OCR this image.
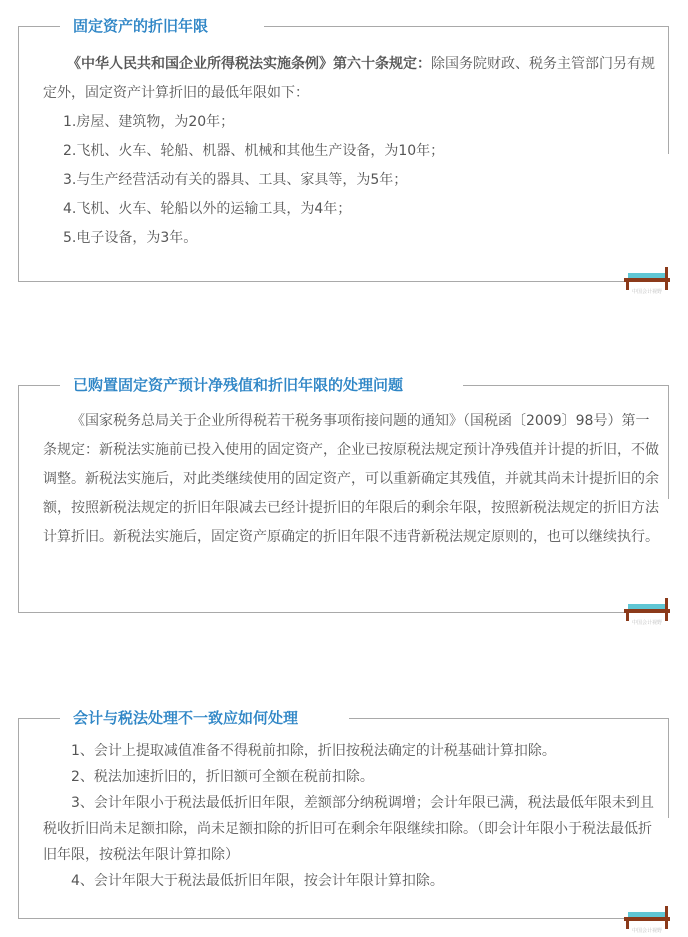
固定资产的折旧年限

《中华人民共和国企业所得税法实施条例》第六十条规定：除国务院财政、税务主管部门另有规定外，固定资产计算折旧的最低年限如下：

1.房屋、建筑物，为20年；

2.飞机、火车、轮船、机器、机械和其他生产设备，为10年；

3.与生产经营活动有关的器具、工具、家具等，为5年；

4.飞机、火车、轮船以外的运输工具，为4年；

5.电子设备，为3年。

中国会计视野
已购置固定资产预计净残值和折旧年限的处理问题

《国家税务总局关于企业所得税若干税务事项衔接问题的通知》（国税函〔2009〕98号）第一条规定：新税法实施前已投入使用的固定资产，企业已按原税法规定预计净残值并计提的折旧，不做调整。新税法实施后，对此类继续使用的固定资产，可以重新确定其残值，并就其尚未计提折旧的余额，按照新税法规定的折旧年限减去已经计提折旧的年限后的剩余年限，按照新税法规定的折旧方法计算折旧。新税法实施后，固定资产原确定的折旧年限不违背新税法规定原则的，也可以继续执行。

中国会计视野
会计与税法处理不一致应如何处理

1、会计上提取减值准备不得税前扣除，折旧按税法确定的计税基础计算扣除。

2、税法加速折旧的，折旧额可全额在税前扣除。

3、会计年限小于税法最低折旧年限，差额部分纳税调增；会计年限已满，税法最低年限未到且税收折旧尚未足额扣除，尚未足额扣除的折旧可在剩余年限继续扣除。（即会计年限小于税法最低折旧年限，按税法年限计算扣除）

4、会计年限大于税法最低折旧年限，按会计年限计算扣除。

中国会计视野
